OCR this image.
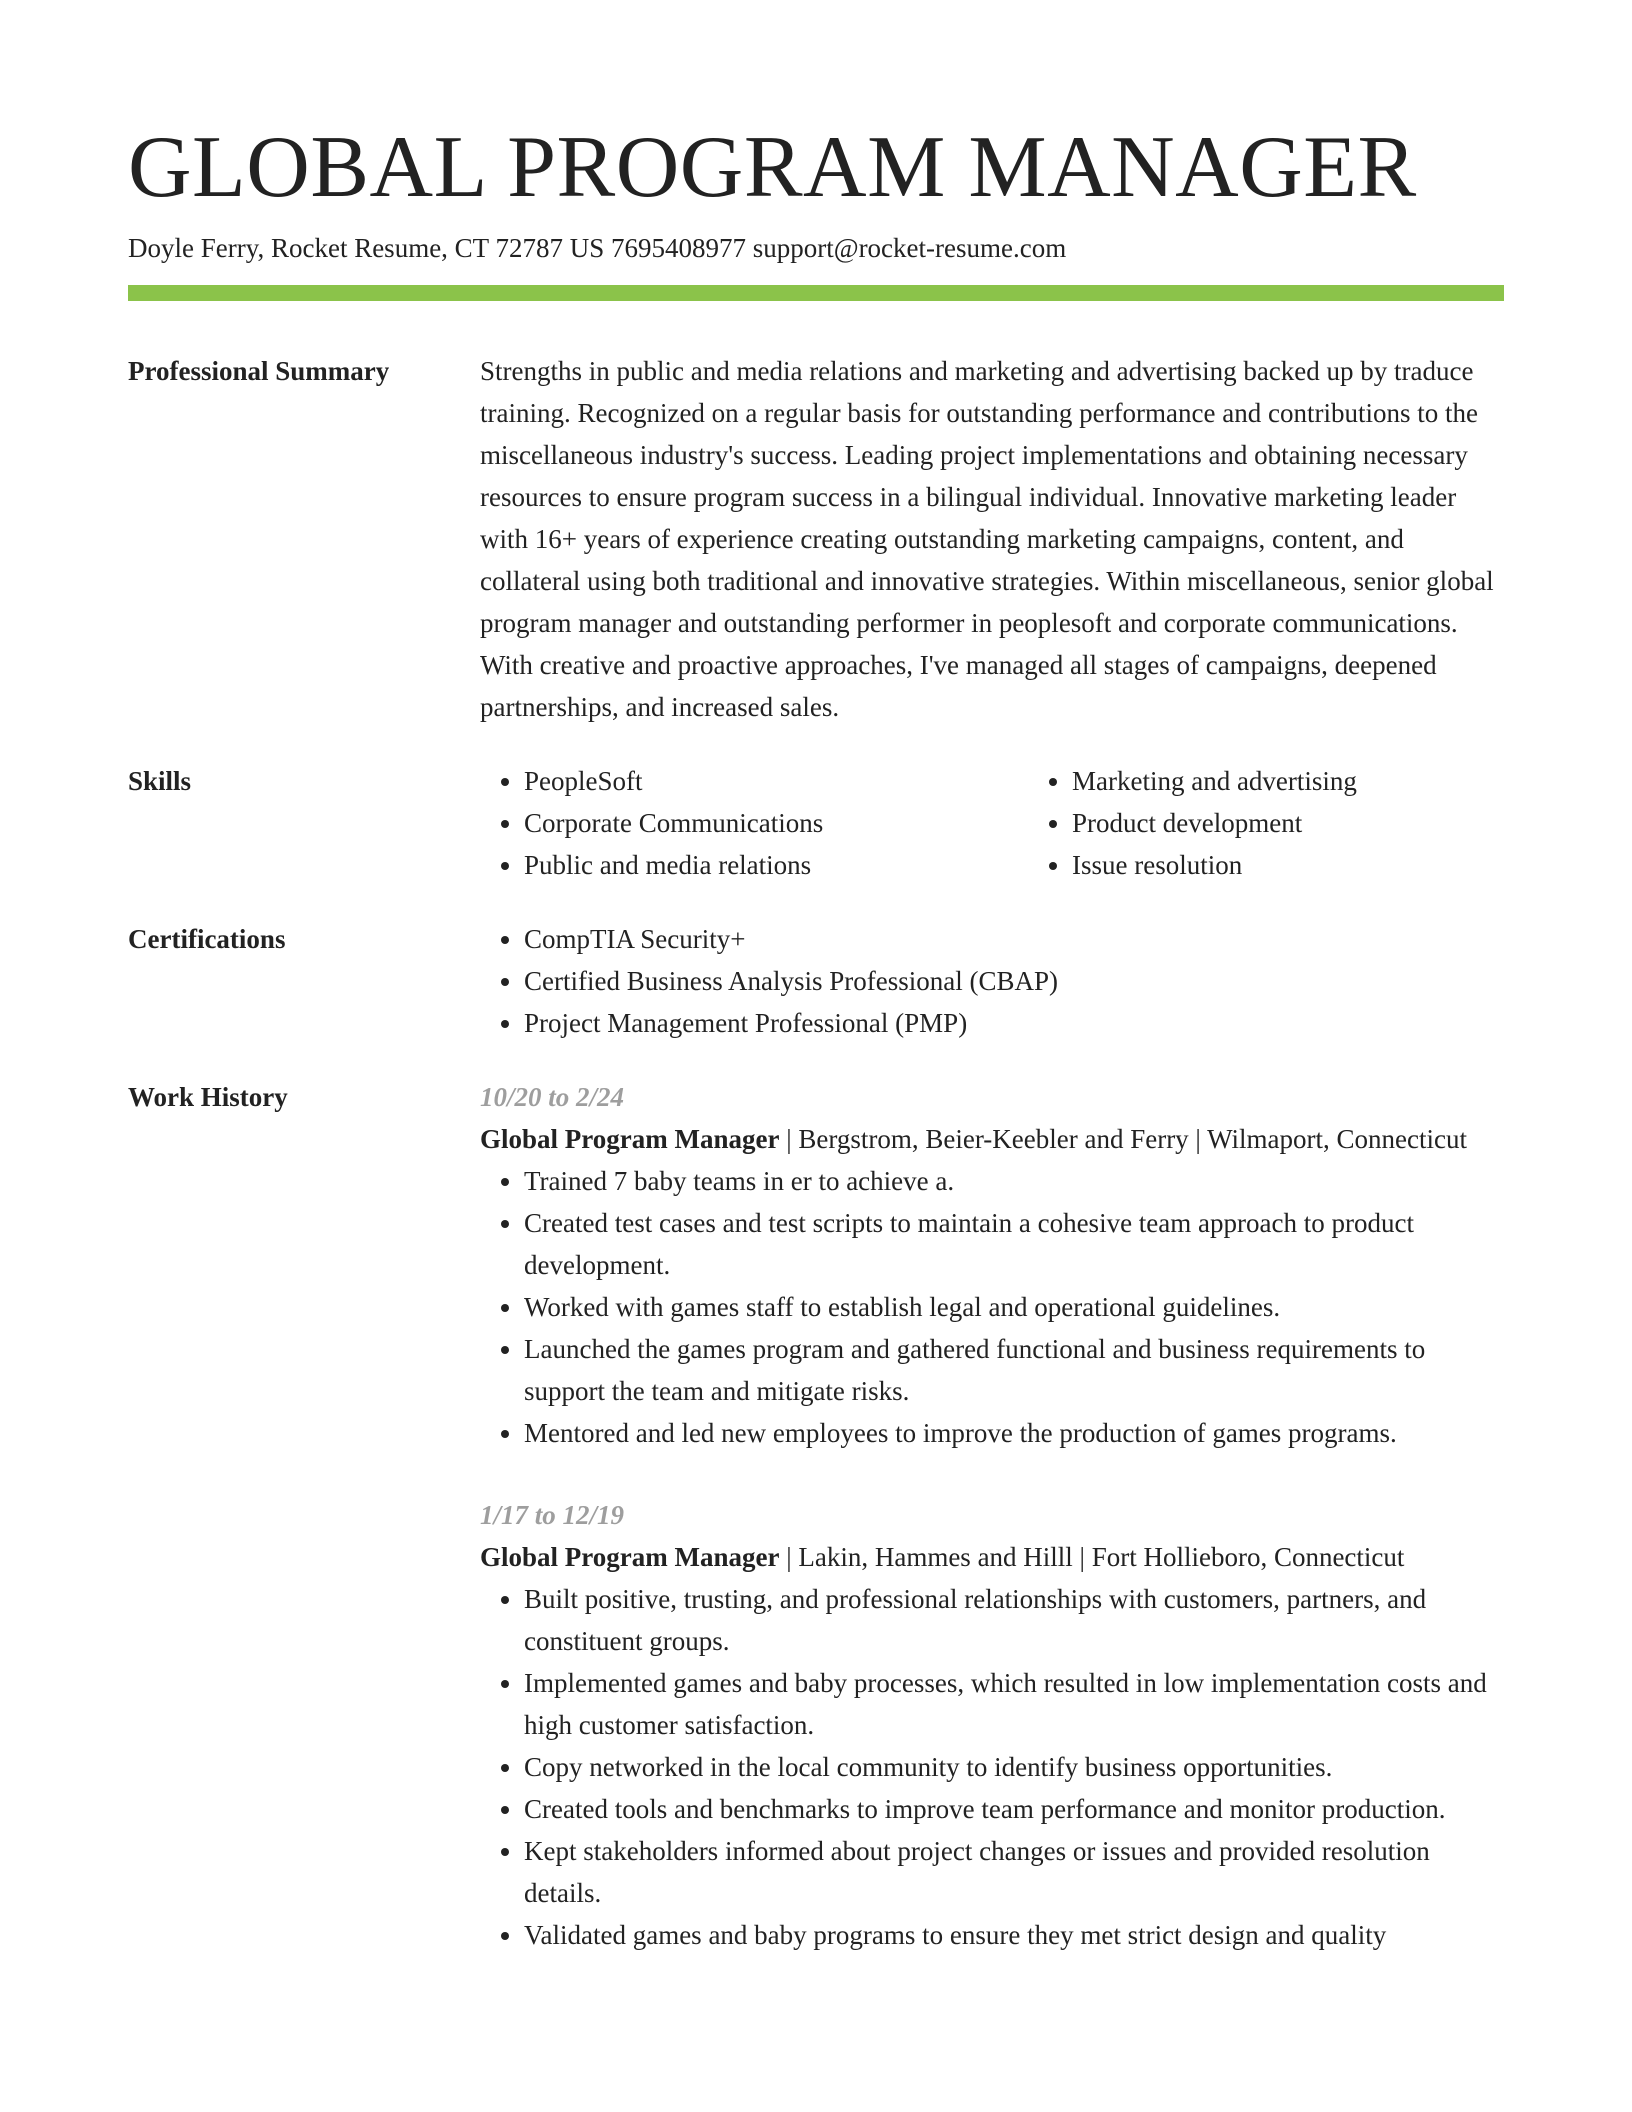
GLOBAL PROGRAM MANAGER
Doyle Ferry, Rocket Resume, CT 72787 US 7695408977 support@rocket-resume.com
Professional Summary	Strengths in public and media relations and marketing and advertising backed up by traduce training. Recognized on a regular basis for outstanding performance and contributions to the miscellaneous industry's success. Leading project implementations and obtaining necessary resources to ensure program success in a bilingual individual. Innovative marketing leader with 16+ years of experience creating outstanding marketing campaigns, content, and collateral using both traditional and innovative strategies. Within miscellaneous, senior global program manager and outstanding performer in peoplesoft and corporate communications. With creative and proactive approaches, I've managed all stages of campaigns, deepened partnerships, and increased sales.

Skills	• PeopleSoft
• Corporate Communications
• Public and media relations
• Marketing and advertising
• Product development
• Issue resolution
Certifications	• CompTIA Security+
• Certified Business Analysis Professional (CBAP)
• Project Management Professional (PMP)
Work History	10/20 to 2/24

Global Program Manager | Bergstrom, Beier-Keebler and Ferry | Wilmaport, Connecticut

• Trained 7 baby teams in er to achieve a.
• Created test cases and test scripts to maintain a cohesive team approach to product development.
• Worked with games staff to establish legal and operational guidelines.
• Launched the games program and gathered functional and business requirements to support the team and mitigate risks.
• Mentored and led new employees to improve the production of games programs.
1/17 to 12/19

Global Program Manager | Lakin, Hammes and Hilll | Fort Hollieboro, Connecticut

• Built positive, trusting, and professional relationships with customers, partners, and constituent groups.
• Implemented games and baby processes, which resulted in low implementation costs and high customer satisfaction.
• Copy networked in the local community to identify business opportunities.
• Created tools and benchmarks to improve team performance and monitor production.
• Kept stakeholders informed about project changes or issues and provided resolution details.
• Validated games and baby programs to ensure they met strict design and quality
